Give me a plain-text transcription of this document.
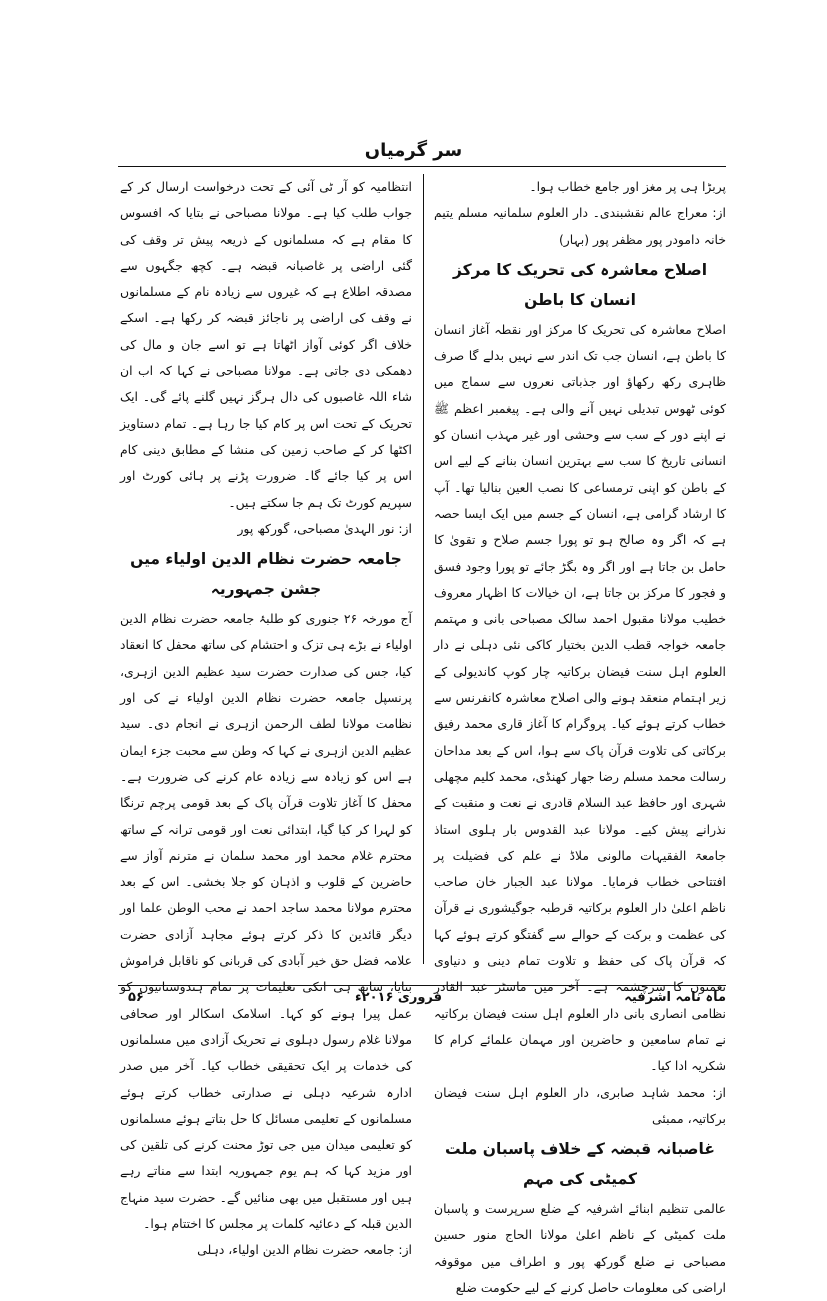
سر گرمیاں

پربڑا ہی پر مغز اور جامع خطاب ہوا۔

از: معراج عالم نقشبندی۔ دار العلوم سلمانیہ مسلم یتیم خانہ دامودر پور مظفر پور (بہار)

اصلاح معاشرہ کی تحریک کا مرکز انسان کا باطن

اصلاح معاشرہ کی تحریک کا مرکز اور نقطہ آغاز انسان کا باطن ہے، انسان جب تک اندر سے نہیں بدلے گا صرف ظاہری رکھ رکھاؤ اور جذباتی نعروں سے سماج میں کوئی ٹھوس تبدیلی نہیں آنے والی ہے۔ پیغمبر اعظم ﷺ نے اپنے دور کے سب سے وحشی اور غیر مہذب انسان کو انسانی تاریخ کا سب سے بہترین انسان بنانے کے لیے اس کے باطن کو اپنی ترمساعی کا نصب العین بنالیا تھا۔ آپ کا ارشاد گرامی ہے، انسان کے جسم میں ایک ایسا حصہ ہے کہ اگر وہ صالح ہو تو پورا جسم صلاح و تقویٰ کا حامل بن جاتا ہے اور اگر وہ بگڑ جائے تو پورا وجود فسق و فجور کا مرکز بن جاتا ہے، ان خیالات کا اظہار معروف خطیب مولانا مقبول احمد سالک مصباحی بانی و مہتمم جامعہ خواجہ قطب الدین بختیار کاکی نئی دہلی نے دار العلوم اہل سنت فیضان برکاتیہ چار کوپ کاندیولی کے زیر اہتمام منعقد ہونے والی اصلاح معاشرہ کانفرنس سے خطاب کرتے ہوئے کیا۔ پروگرام کا آغاز قاری محمد رفیق برکاتی کی تلاوت قرآن پاک سے ہوا، اس کے بعد مداحان رسالت محمد مسلم رضا جھار کھنڈی، محمد کلیم مچھلی شہری اور حافظ عبد السلام قادری نے نعت و منقبت کے نذرانے پیش کیے۔ مولانا عبد القدوس بار ہلوی استاذ جامعۃ الفقیہات مالونی ملاڈ نے علم کی فضیلت پر افتتاحی خطاب فرمایا۔ مولانا عبد الجبار خان صاحب ناظم اعلیٰ دار العلوم برکاتیہ قرطبہ جوگیشوری نے قرآن کی عظمت و برکت کے حوالے سے گفتگو کرتے ہوئے کہا کہ قرآن پاک کی حفظ و تلاوت تمام دینی و دنیاوی نعمتوں کا سرچشمہ ہے۔ آخر میں ماسٹر عبد القادر نظامی انصاری بانی دار العلوم اہل سنت فیضان برکاتیہ نے تمام سامعین و حاضرین اور مہمان علمائے کرام کا شکریہ ادا کیا۔

از: محمد شاہد صابری، دار العلوم اہل سنت فیضان برکاتیہ، ممبئی

غاصبانہ قبضہ کے خلاف پاسبان ملت کمیٹی کی مہم

عالمی تنظیم ابنائے اشرفیہ کے ضلع سرپرست و پاسبان ملت کمیٹی کے ناظم اعلیٰ مولانا الحاج منور حسین مصباحی نے ضلع گورکھ پور و اطراف میں موقوفہ اراضی کی معلومات حاصل کرنے کے لیے حکومت ضلع

انتظامیہ کو آر ٹی آئی کے تحت درخواست ارسال کر کے جواب طلب کیا ہے۔ مولانا مصباحی نے بتایا کہ افسوس کا مقام ہے کہ مسلمانوں کے ذریعہ پیش تر وقف کی گئی اراضی پر غاصبانہ قبضہ ہے۔ کچھ جگہوں سے مصدقہ اطلاع ہے کہ غیروں سے زیادہ نام کے مسلمانوں نے وقف کی اراضی پر ناجائز قبضہ کر رکھا ہے۔ اسکے خلاف اگر کوئی آواز اٹھاتا ہے تو اسے جان و مال کی دھمکی دی جاتی ہے۔ مولانا مصباحی نے کہا کہ اب ان شاء اللہ غاصبوں کی دال ہرگز نہیں گلنے پائے گی۔ ایک تحریک کے تحت اس پر کام کیا جا رہا ہے۔ تمام دستاویز اکٹھا کر کے صاحب زمین کی منشا کے مطابق دینی کام اس پر کیا جائے گا۔ ضرورت پڑنے پر ہائی کورٹ اور سپریم کورٹ تک ہم جا سکتے ہیں۔

از: نور الہدیٰ مصباحی، گورکھ پور

جامعہ حضرت نظام الدین اولیاء میں جشن جمہوریہ

آج مورخہ ۲۶ جنوری کو طلبۂ جامعہ حضرت نظام الدین اولیاء نے بڑے ہی تزک و احتشام کی ساتھ محفل کا انعقاد کیا، جس کی صدارت حضرت سید عظیم الدین ازہری، پرنسپل جامعہ حضرت نظام الدین اولیاء نے کی اور نظامت مولانا لطف الرحمن ازہری نے انجام دی۔ سید عظیم الدین ازہری نے کہا کہ وطن سے محبت جزء ایمان ہے اس کو زیادہ سے زیادہ عام کرنے کی ضرورت ہے۔ محفل کا آغاز تلاوت قرآن پاک کے بعد قومی پرچم ترنگا کو لہرا کر کیا گیا، ابتدائی نعت اور قومی ترانہ کے ساتھ محترم غلام محمد اور محمد سلمان نے مترنم آواز سے حاضرین کے قلوب و اذہان کو جلا بخشی۔ اس کے بعد محترم مولانا محمد ساجد احمد نے محب الوطن علما اور دیگر قائدین کا ذکر کرتے ہوئے مجاہد آزادی حضرت علامہ فضل حق خیر آبادی کی قربانی کو ناقابل فراموش بتایا، ساتھ ہی انکی تعلیمات پر تمام ہندوستانیوں کو عمل پیرا ہونے کو کہا۔ اسلامک اسکالر اور صحافی مولانا غلام رسول دہلوی نے تحریک آزادی میں مسلمانوں کی خدمات پر ایک تحقیقی خطاب کیا۔ آخر میں صدر ادارہ شرعیہ دہلی نے صدارتی خطاب کرتے ہوئے مسلمانوں کے تعلیمی مسائل کا حل بتاتے ہوئے مسلمانوں کو تعلیمی میدان میں جی توڑ محنت کرنے کی تلقین کی اور مزید کہا کہ ہم یوم جمہوریہ ابتدا سے مناتے رہے ہیں اور مستقبل میں بھی منائیں گے۔ حضرت سید منہاج الدین قبلہ کے دعائیہ کلمات پر مجلس کا اختتام ہوا۔

از: جامعہ حضرت نظام الدین اولیاء، دہلی

ماہ نامہ اشرفیہ
فروری ۲۰۱۶ء
۵۶
